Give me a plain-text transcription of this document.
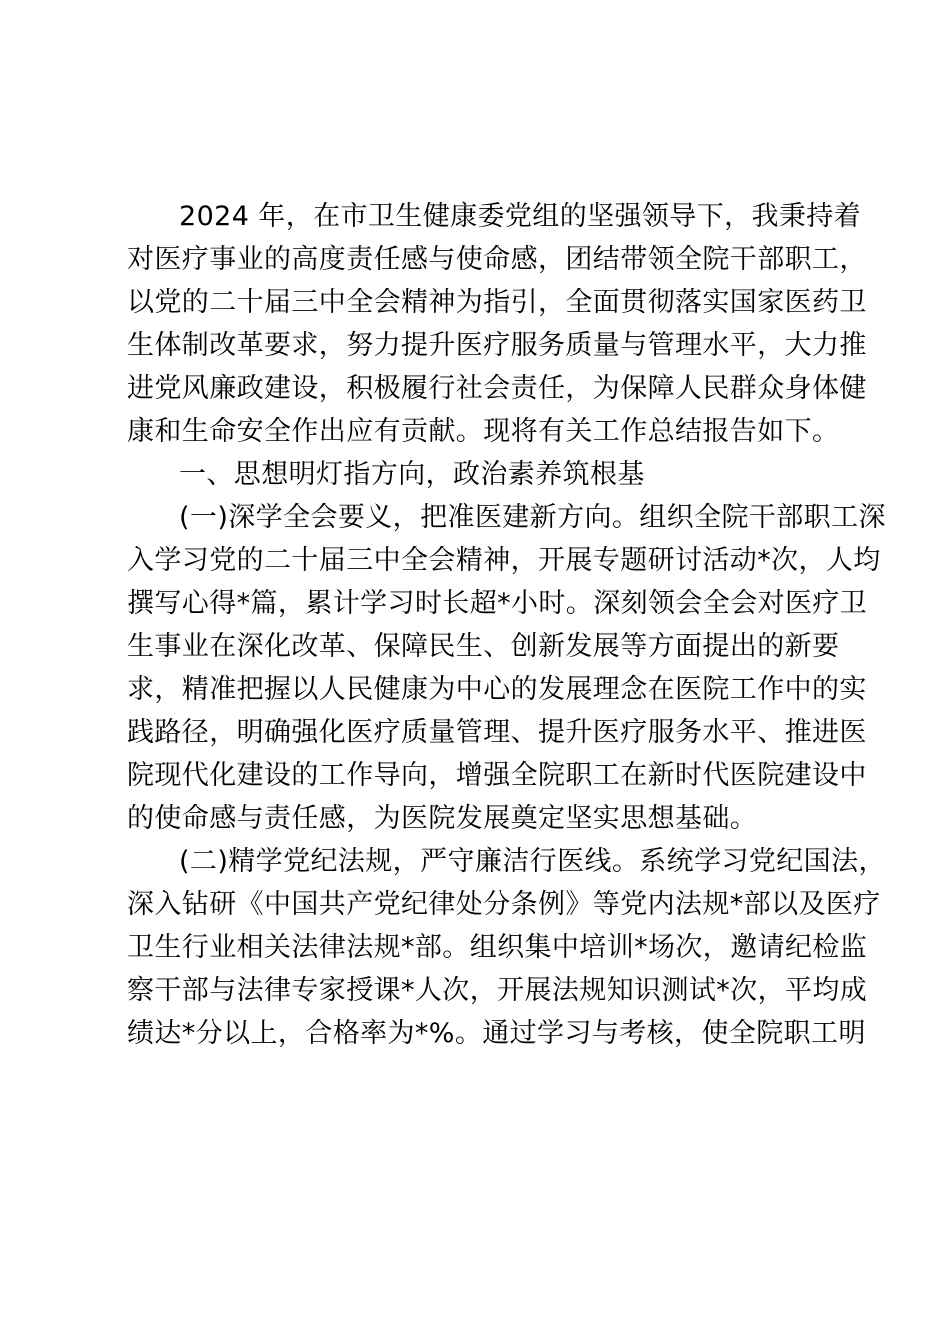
2024 年，在市卫生健康委党组的坚强领导下，我秉持着
对医疗事业的高度责任感与使命感，团结带领全院干部职工，
以党的二十届三中全会精神为指引，全面贯彻落实国家医药卫
生体制改革要求，努力提升医疗服务质量与管理水平，大力推
进党风廉政建设，积极履行社会责任，为保障人民群众身体健
康和生命安全作出应有贡献。现将有关工作总结报告如下。
一、思想明灯指方向，政治素养筑根基
(一)深学全会要义，把准医建新方向。组织全院干部职工深
入学习党的二十届三中全会精神，开展专题研讨活动*次，人均
撰写心得*篇，累计学习时长超*小时。深刻领会全会对医疗卫
生事业在深化改革、保障民生、创新发展等方面提出的新要
求，精准把握以人民健康为中心的发展理念在医院工作中的实
践路径，明确强化医疗质量管理、提升医疗服务水平、推进医
院现代化建设的工作导向，增强全院职工在新时代医院建设中
的使命感与责任感，为医院发展奠定坚实思想基础。
(二)精学党纪法规，严守廉洁行医线。系统学习党纪国法，
深入钻研《中国共产党纪律处分条例》等党内法规*部以及医疗
卫生行业相关法律法规*部。组织集中培训*场次，邀请纪检监
察干部与法律专家授课*人次，开展法规知识测试*次，平均成
绩达*分以上，合格率为*%。通过学习与考核，使全院职工明
